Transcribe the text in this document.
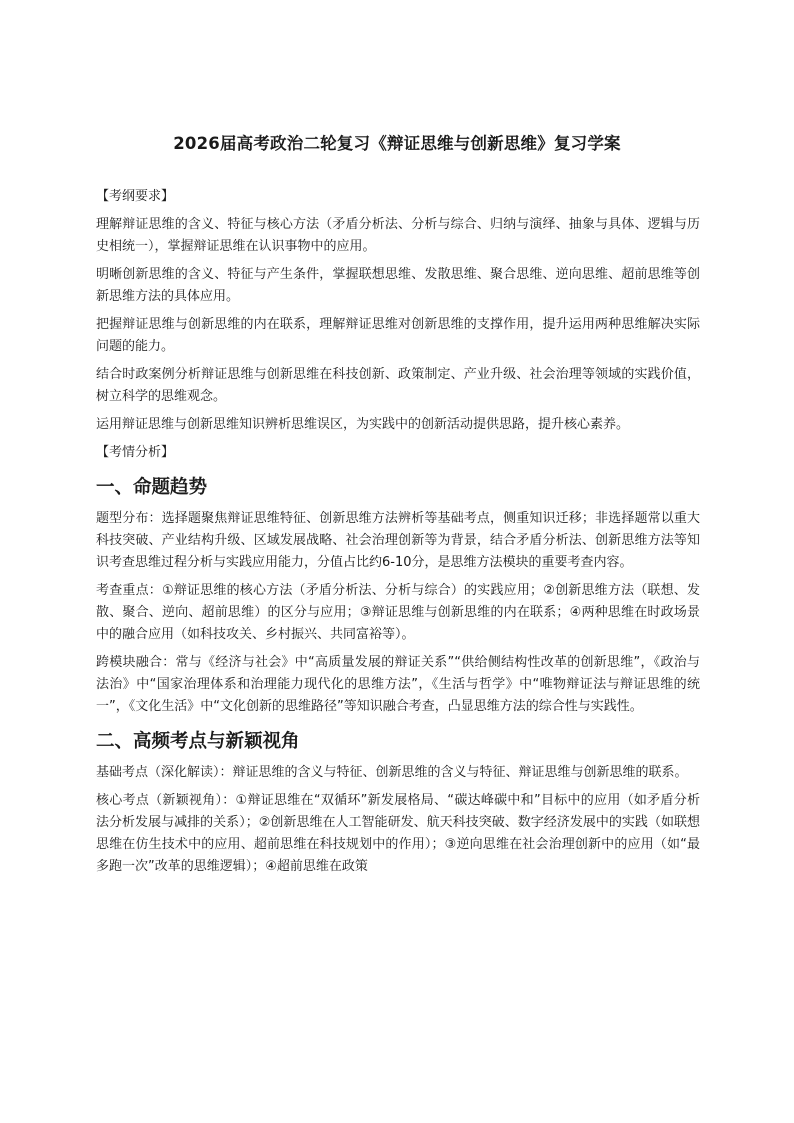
2026届高考政治二轮复习《辩证思维与创新思维》复习学案
【考纲要求】

理解辩证思维的含义、特征与核心方法（矛盾分析法、分析与综合、归纳与演绎、抽象与具体、逻辑与历史相统一），掌握辩证思维在认识事物中的应用。

明晰创新思维的含义、特征与产生条件，掌握联想思维、发散思维、聚合思维、逆向思维、超前思维等创新思维方法的具体应用。

把握辩证思维与创新思维的内在联系，理解辩证思维对创新思维的支撑作用，提升运用两种思维解决实际问题的能力。

结合时政案例分析辩证思维与创新思维在科技创新、政策制定、产业升级、社会治理等领域的实践价值，树立科学的思维观念。

运用辩证思维与创新思维知识辨析思维误区，为实践中的创新活动提供思路，提升核心素养。

【考情分析】
一、命题趋势

题型分布：选择题聚焦辩证思维特征、创新思维方法辨析等基础考点，侧重知识迁移；非选择题常以重大科技突破、产业结构升级、区域发展战略、社会治理创新等为背景，结合矛盾分析法、创新思维方法等知识考查思维过程分析与实践应用能力，分值占比约6-10分，是思维方法模块的重要考查内容。

考查重点：①辩证思维的核心方法（矛盾分析法、分析与综合）的实践应用；②创新思维方法（联想、发散、聚合、逆向、超前思维）的区分与应用；③辩证思维与创新思维的内在联系；④两种思维在时政场景中的融合应用（如科技攻关、乡村振兴、共同富裕等）。

跨模块融合：常与《经济与社会》中“高质量发展的辩证关系”“供给侧结构性改革的创新思维”，《政治与法治》中“国家治理体系和治理能力现代化的思维方法”，《生活与哲学》中“唯物辩证法与辩证思维的统一”，《文化生活》中“文化创新的思维路径”等知识融合考查，凸显思维方法的综合性与实践性。

二、高频考点与新颖视角

基础考点（深化解读）：辩证思维的含义与特征、创新思维的含义与特征、辩证思维与创新思维的联系。

核心考点（新颖视角）：①辩证思维在“双循环”新发展格局、“碳达峰碳中和”目标中的应用（如矛盾分析法分析发展与减排的关系）；②创新思维在人工智能研发、航天科技突破、数字经济发展中的实践（如联想思维在仿生技术中的应用、超前思维在科技规划中的作用）；③逆向思维在社会治理创新中的应用（如“最多跑一次”改革的思维逻辑）；④超前思维在政策
